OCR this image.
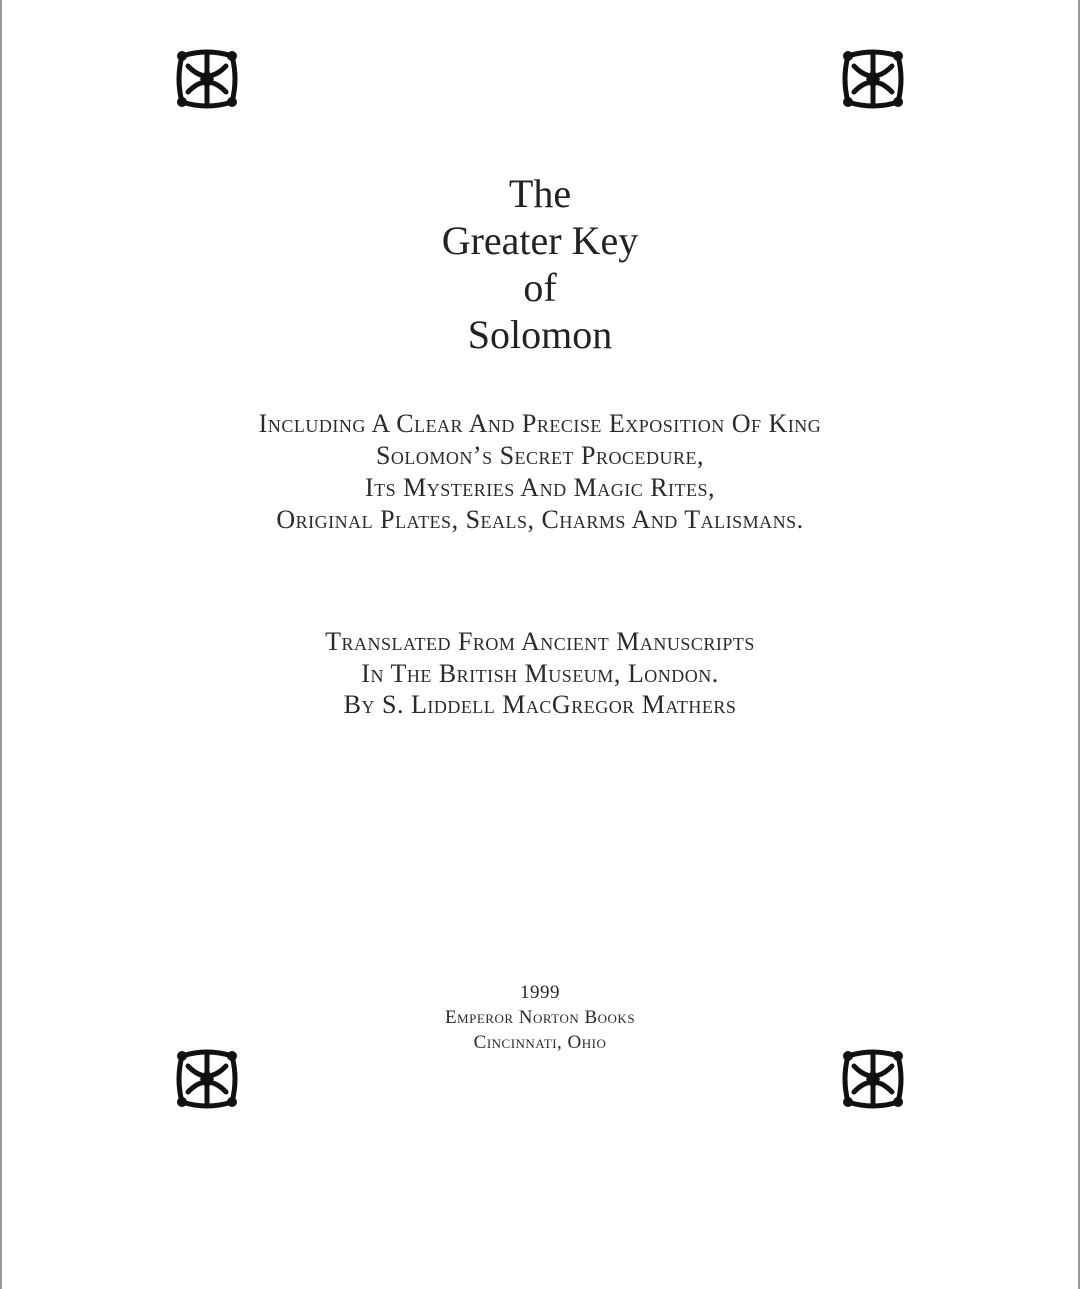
The
Greater Key
of
Solomon
Including A Clear And Precise Exposition Of King
Solomon’s Secret Procedure,
Its Mysteries And Magic Rites,
Original Plates, Seals, Charms And Talismans.
Translated From Ancient Manuscripts
In The British Museum, London.
By S. Liddell MacGregor Mathers
1999
Emperor Norton Books
Cincinnati, Ohio
